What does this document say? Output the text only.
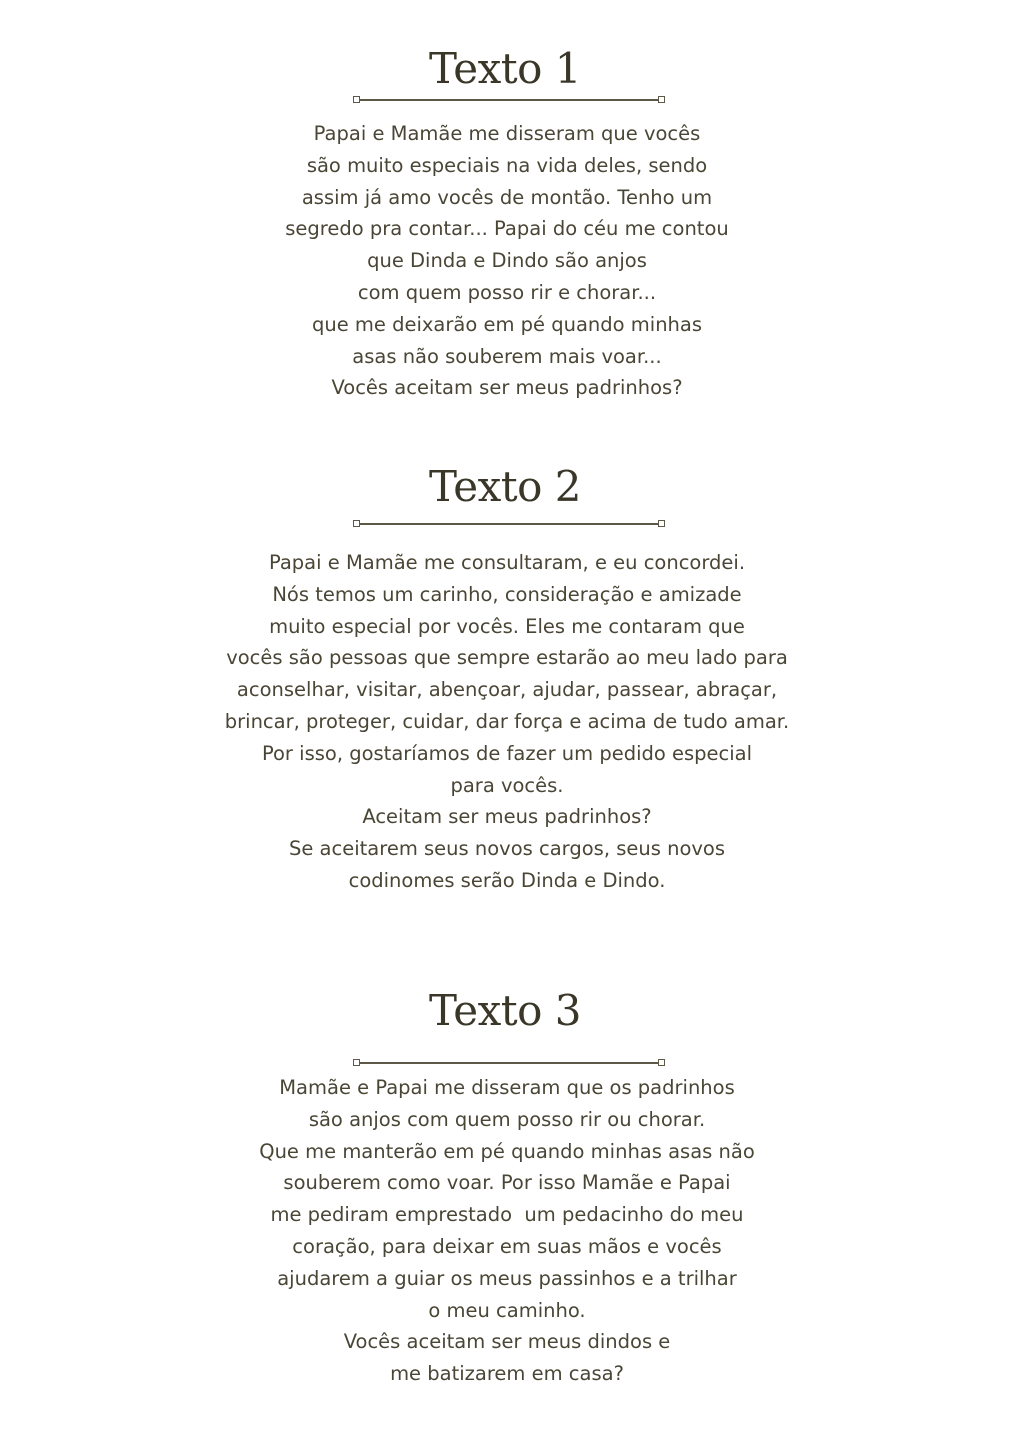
Texto 1
Papai e Mamãe me disseram que vocês
são muito especiais na vida deles, sendo
assim já amo vocês de montão. Tenho um
segredo pra contar... Papai do céu me contou
que Dinda e Dindo são anjos
com quem posso rir e chorar...
que me deixarão em pé quando minhas
asas não souberem mais voar...
Vocês aceitam ser meus padrinhos?
Texto 2
Papai e Mamãe me consultaram, e eu concordei.
Nós temos um carinho, consideração e amizade
muito especial por vocês. Eles me contaram que
vocês são pessoas que sempre estarão ao meu lado para
aconselhar, visitar, abençoar, ajudar, passear, abraçar,
brincar, proteger, cuidar, dar força e acima de tudo amar.
Por isso, gostaríamos de fazer um pedido especial
para vocês.
Aceitam ser meus padrinhos?
Se aceitarem seus novos cargos, seus novos
codinomes serão Dinda e Dindo.
Texto 3
Mamãe e Papai me disseram que os padrinhos
são anjos com quem posso rir ou chorar.
Que me manterão em pé quando minhas asas não
souberem como voar. Por isso Mamãe e Papai
me pediram emprestado  um pedacinho do meu
coração, para deixar em suas mãos e vocês
ajudarem a guiar os meus passinhos e a trilhar
o meu caminho.
Vocês aceitam ser meus dindos e
me batizarem em casa?
